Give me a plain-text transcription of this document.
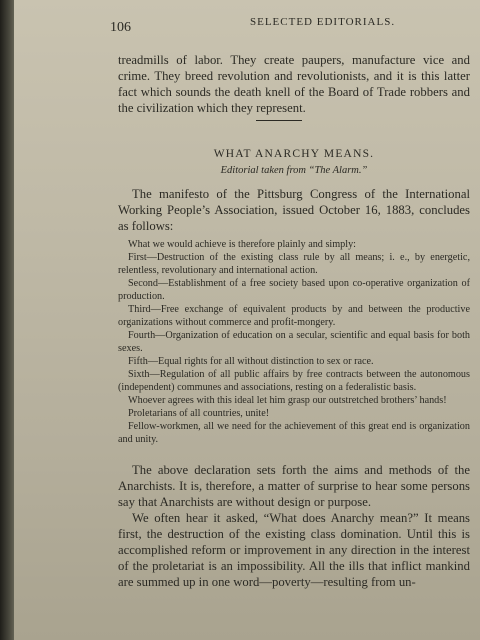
106	SELECTED EDITORIALS.

treadmills of labor. They create paupers, manufacture vice and crime. They breed revolution and revolutionists, and it is this latter fact which sounds the death knell of the Board of Trade robbers and the civilization which they represent.

WHAT ANARCHY MEANS.
Editorial taken from “The Alarm.”

The manifesto of the Pittsburg Congress of the International Working People’s Association, issued October 16, 1883, concludes as follows:

What we would achieve is therefore plainly and simply:

First—Destruction of the existing class rule by all means; i. e., by energetic, relentless, revolutionary and international action.

Second—Establishment of a free society based upon co-operative organization of production.

Third—Free exchange of equivalent products by and between the productive organizations without commerce and profit-mongery.

Fourth—Organization of education on a secular, scientific and equal basis for both sexes.

Fifth—Equal rights for all without distinction to sex or race.

Sixth—Regulation of all public affairs by free contracts between the autonomous (independent) communes and associations, resting on a federalistic basis.

Whoever agrees with this ideal let him grasp our outstretched brothers’ hands!

Proletarians of all countries, unite!

Fellow-workmen, all we need for the achievement of this great end is organization and unity.

The above declaration sets forth the aims and methods of the Anarchists. It is, therefore, a matter of surprise to hear some persons say that Anarchists are without design or purpose.

We often hear it asked, “What does Anarchy mean?” It means first, the destruction of the existing class domination. Until this is accomplished reform or improvement in any direction in the interest of the proletariat is an impossibility. All the ills that inflict mankind are summed up in one word—poverty—resulting from un-
